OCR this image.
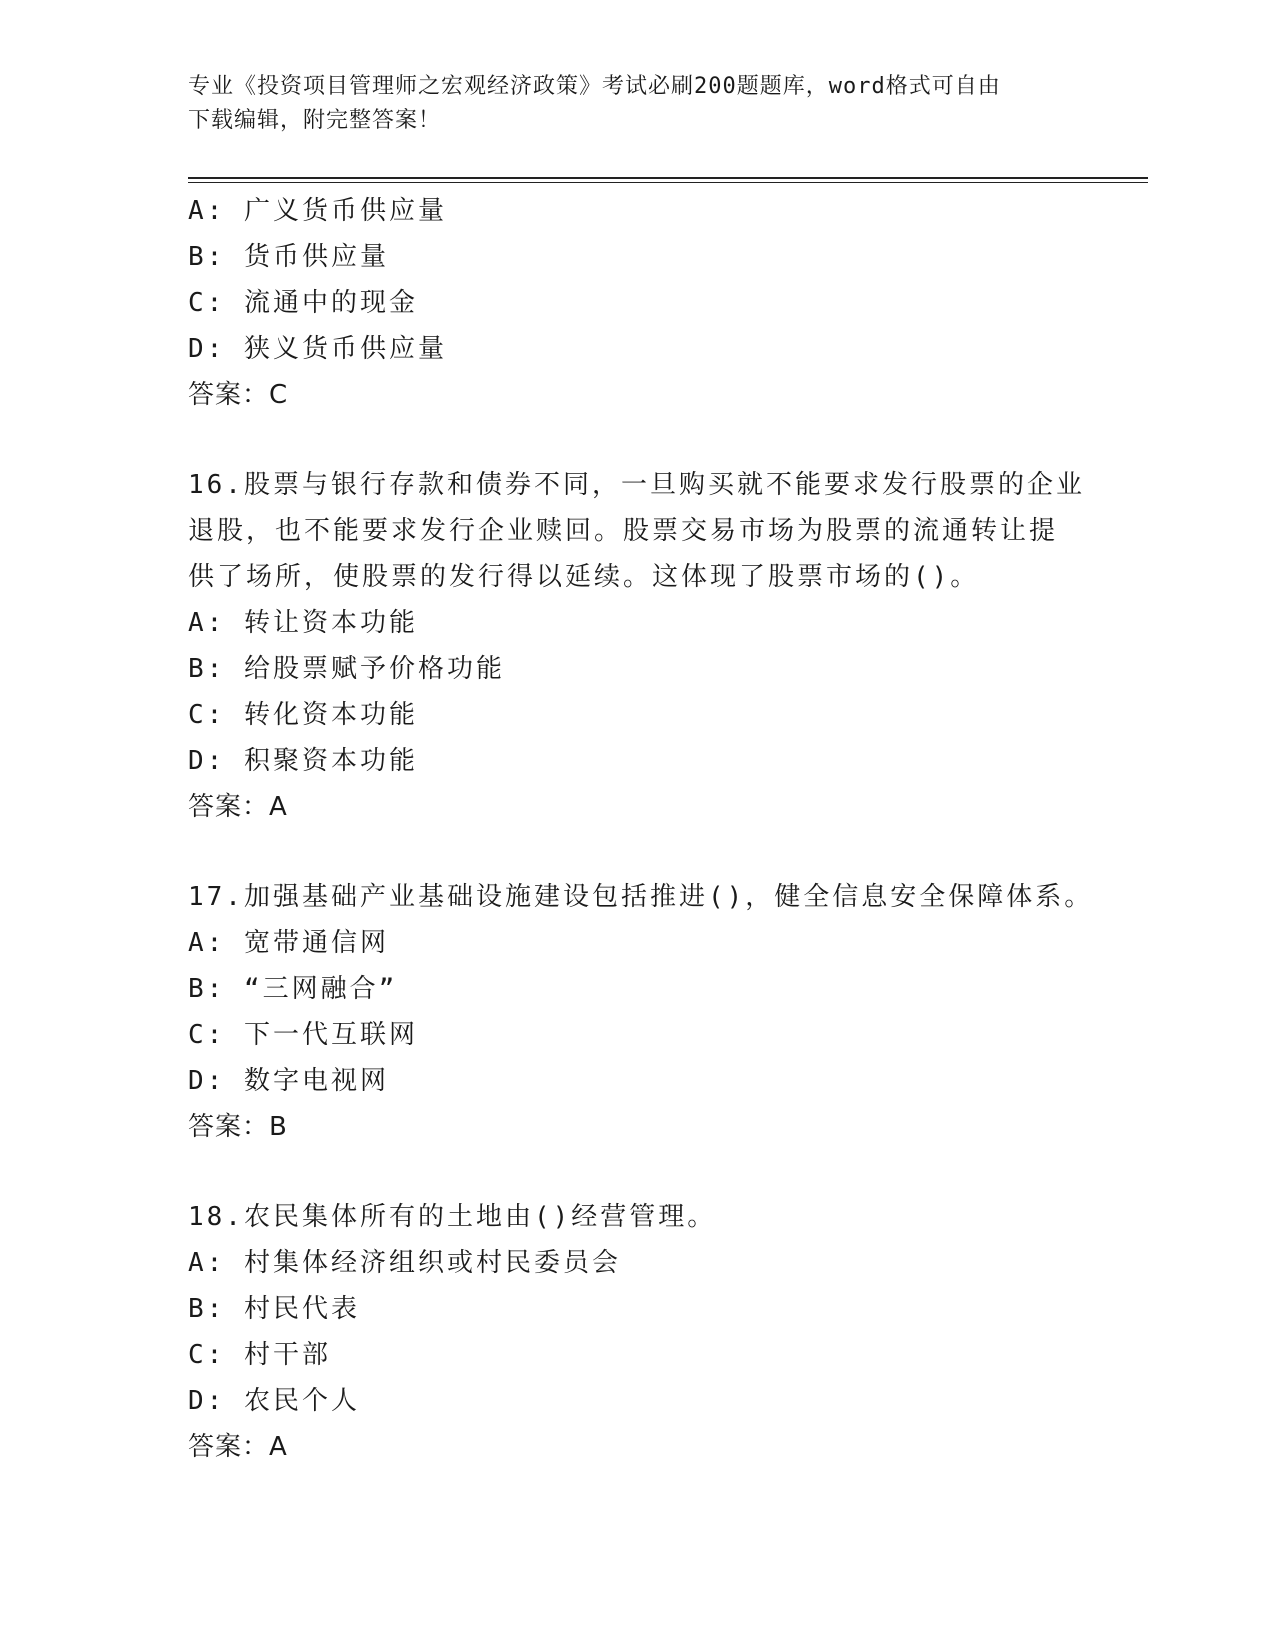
专业《投资项目管理师之宏观经济政策》考试必刷200题题库，word格式可自由
下载编辑，附完整答案！
A: 广义货币供应量
B: 货币供应量
C: 流通中的现金
D: 狭义货币供应量
答案：C
16.股票与银行存款和债券不同，一旦购买就不能要求发行股票的企业
退股，也不能要求发行企业赎回。股票交易市场为股票的流通转让提
供了场所，使股票的发行得以延续。这体现了股票市场的()。
A: 转让资本功能
B: 给股票赋予价格功能
C: 转化资本功能
D: 积聚资本功能
答案：A
17.加强基础产业基础设施建设包括推进()，健全信息安全保障体系。
A: 宽带通信网
B: “三网融合”
C: 下一代互联网
D: 数字电视网
答案：B
18.农民集体所有的土地由()经营管理。
A: 村集体经济组织或村民委员会
B: 村民代表
C: 村干部
D: 农民个人
答案：A
